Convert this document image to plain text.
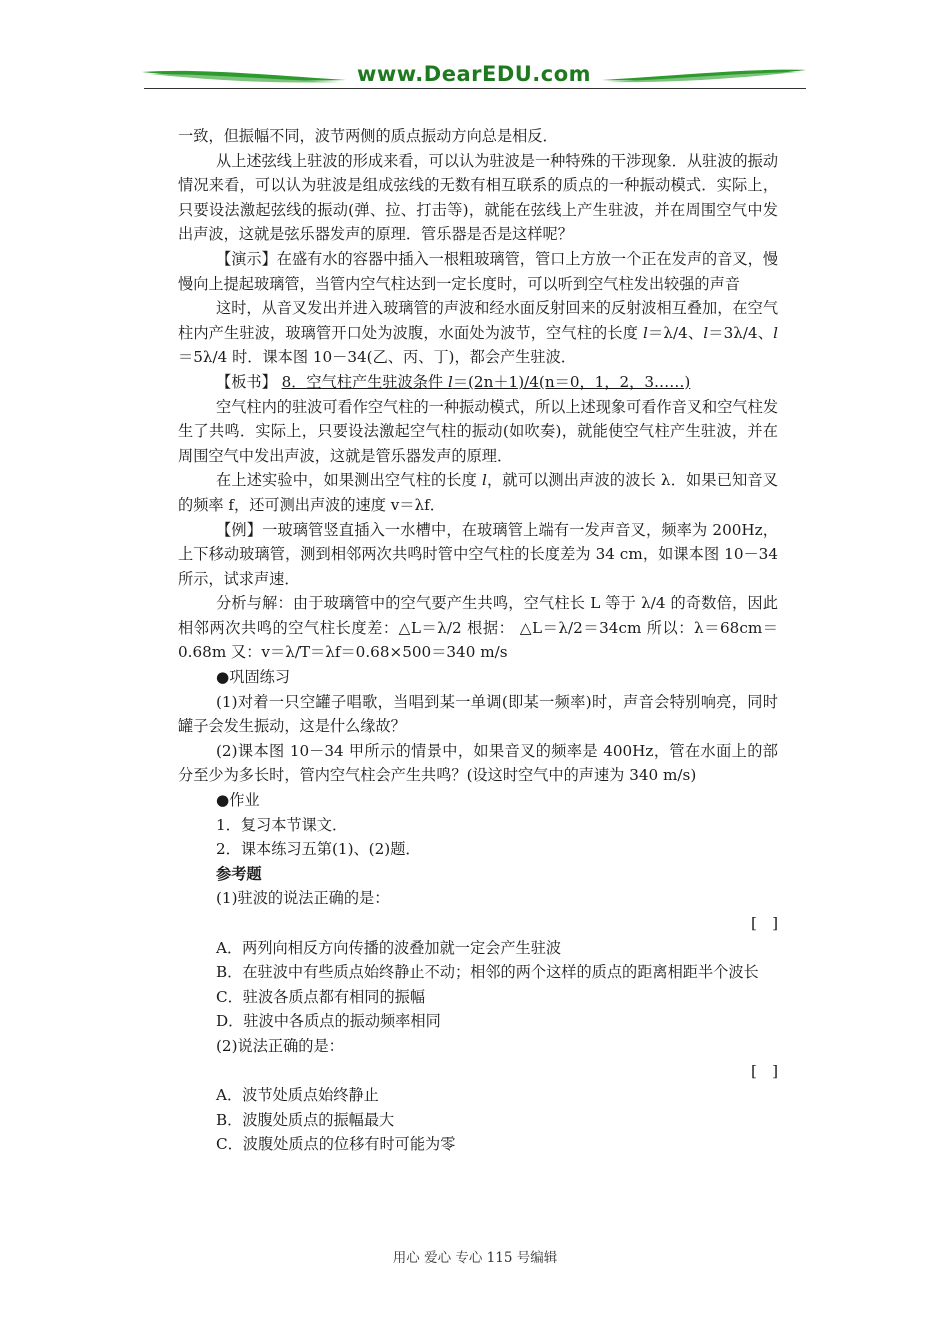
www.DearEDU.com

一致，但振幅不同，波节两侧的质点振动方向总是相反．

从上述弦线上驻波的形成来看，可以认为驻波是一种特殊的干涉现象．从驻波的振动情况来看，可以认为驻波是组成弦线的无数有相互联系的质点的一种振动模式．实际上，只要设法激起弦线的振动(弹、拉、打击等)，就能在弦线上产生驻波，并在周围空气中发出声波，这就是弦乐器发声的原理．管乐器是否是这样呢？

【演示】在盛有水的容器中插入一根粗玻璃管，管口上方放一个正在发声的音叉，慢慢向上提起玻璃管，当管内空气柱达到一定长度时，可以听到空气柱发出较强的声音

这时，从音叉发出并进入玻璃管的声波和经水面反射回来的反射波相互叠加，在空气柱内产生驻波，玻璃管开口处为波腹，水面处为波节，空气柱的长度 l＝λ/4、l＝3λ/4、l＝5λ/4 时．课本图 10－34(乙、丙、丁)，都会产生驻波．

【板书】 8．空气柱产生驻波条件 l＝(2n＋1)/4(n＝0，1，2，3……)

空气柱内的驻波可看作空气柱的一种振动模式，所以上述现象可看作音叉和空气柱发生了共鸣．实际上，只要设法激起空气柱的振动(如吹奏)，就能使空气柱产生驻波，并在周围空气中发出声波，这就是管乐器发声的原理．

在上述实验中，如果测出空气柱的长度 l，就可以测出声波的波长 λ．如果已知音叉的频率 f，还可测出声波的速度 v＝λf．

【例】一玻璃管竖直插入一水槽中，在玻璃管上端有一发声音叉，频率为 200Hz，上下移动玻璃管，测到相邻两次共鸣时管中空气柱的长度差为 34 cm，如课本图 10－34 所示，试求声速．

分析与解：由于玻璃管中的空气要产生共鸣，空气柱长 L 等于 λ/4 的奇数倍，因此相邻两次共鸣的空气柱长度差：△L＝λ/2 根据： △L＝λ/2＝34cm 所以：λ＝68cm＝0.68m 又：v＝λ/T＝λf＝0.68×500＝340 m/s

●巩固练习

(1)对着一只空罐子唱歌，当唱到某一单调(即某一频率)时，声音会特别响亮，同时罐子会发生振动，这是什么缘故？

(2)课本图 10－34 甲所示的情景中，如果音叉的频率是 400Hz，管在水面上的部分至少为多长时，管内空气柱会产生共鸣？(设这时空气中的声速为 340 m/s)

●作业

1．复习本节课文．

2．课本练习五第(1)、(2)题．

参考题

(1)驻波的说法正确的是：

[　]

A．两列向相反方向传播的波叠加就一定会产生驻波

B．在驻波中有些质点始终静止不动；相邻的两个这样的质点的距离相距半个波长

C．驻波各质点都有相同的振幅

D．驻波中各质点的振动频率相同

(2)说法正确的是：

[　]

A．波节处质点始终静止

B．波腹处质点的振幅最大

C．波腹处质点的位移有时可能为零

用心 爱心 专心 115 号编辑
